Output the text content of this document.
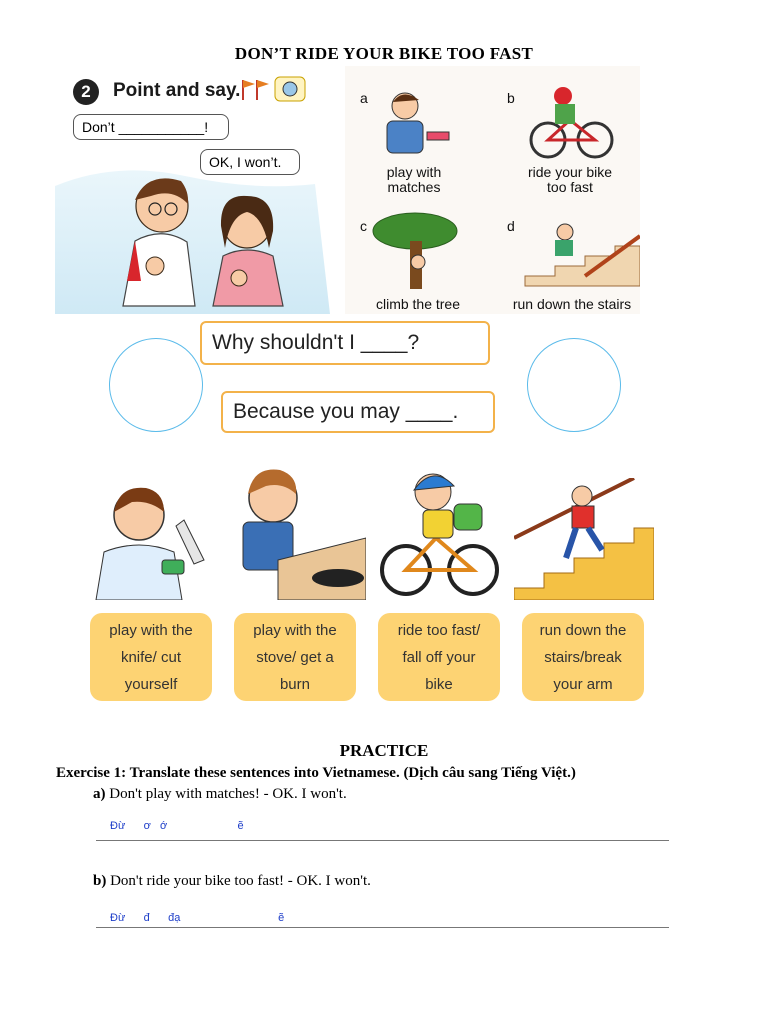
DON’T RIDE YOUR BIKE TOO FAST
2	Point and say.
Don’t ___________!
OK, I won’t.
a	b
c	d
play with
matches
ride your bike
too fast
climb the tree	run down the stairs
Why shouldn't I ____?
Because you may ____.
play with the
knife/ cut
yourself
play with the
stove/ get a
burn
ride too fast/
fall off your
bike
run down the
stairs/break
your arm
PRACTICE
Exercise 1: Translate these sentences into Vietnamese. (Dịch câu sang Tiếng Việt.)
a) Don't play with matches! - OK. I won't.
Đừ      ơ   ớ                       ẽ
b) Don't ride your bike too fast! - OK. I won't.
Đừ      đ      đạ                                ẽ
